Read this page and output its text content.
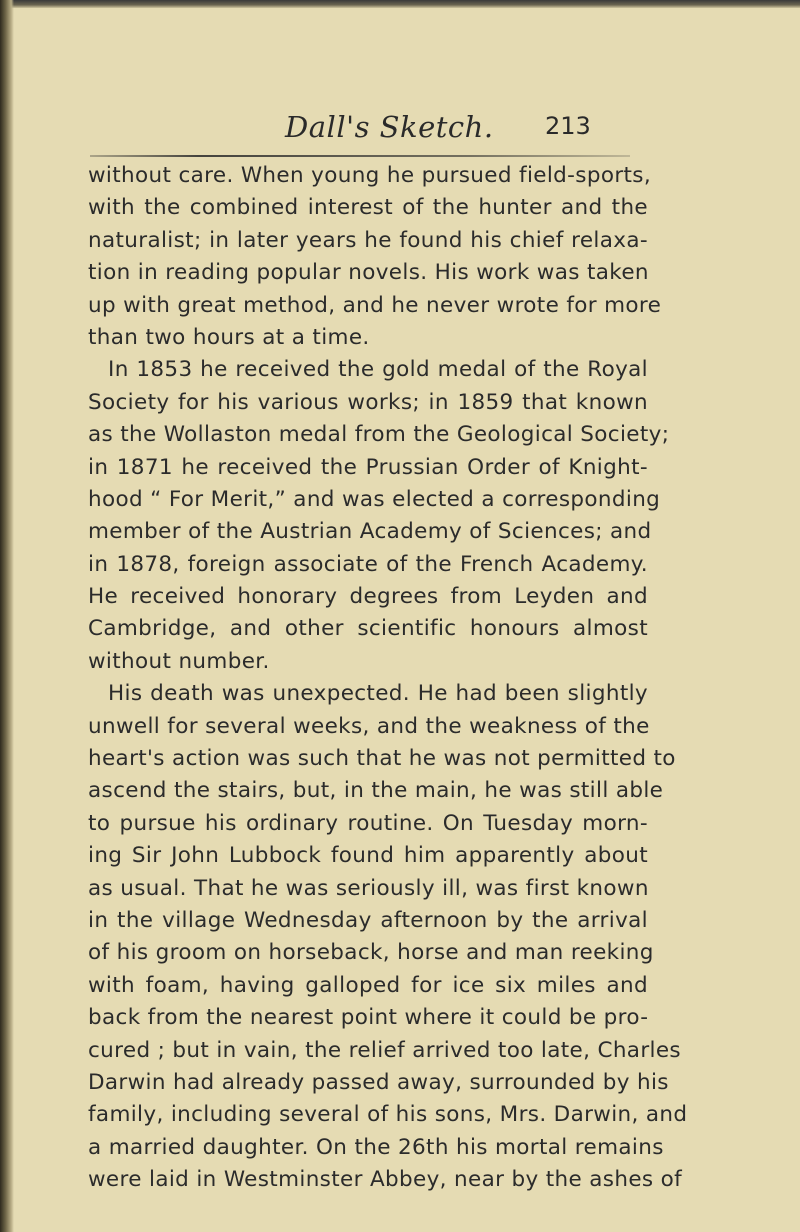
Dall's Sketch. 213
without care. When young he pursued field-sports,
with the combined interest of the hunter and the
naturalist; in later years he found his chief relaxa-
tion in reading popular novels. His work was taken
up with great method, and he never wrote for more
than two hours at a time.
In 1853 he received the gold medal of the Royal
Society for his various works; in 1859 that known
as the Wollaston medal from the Geological Society;
in 1871 he received the Prussian Order of Knight-
hood “ For Merit,” and was elected a corresponding
member of the Austrian Academy of Sciences; and
in 1878, foreign associate of the French Academy.
He received honorary degrees from Leyden and
Cambridge, and other scientific honours almost
without number.
His death was unexpected. He had been slightly
unwell for several weeks, and the weakness of the
heart's action was such that he was not permitted to
ascend the stairs, but, in the main, he was still able
to pursue his ordinary routine. On Tuesday morn-
ing Sir John Lubbock found him apparently about
as usual. That he was seriously ill, was first known
in the village Wednesday afternoon by the arrival
of his groom on horseback, horse and man reeking
with foam, having galloped for ice six miles and
back from the nearest point where it could be pro-
cured ; but in vain, the relief arrived too late, Charles
Darwin had already passed away, surrounded by his
family, including several of his sons, Mrs. Darwin, and
a married daughter. On the 26th his mortal remains
were laid in Westminster Abbey, near by the ashes of
